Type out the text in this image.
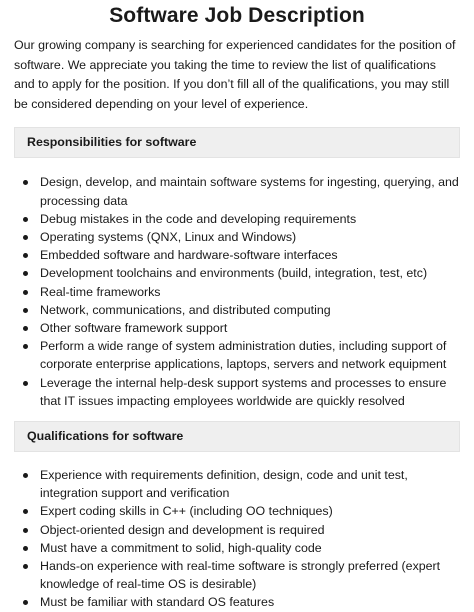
Software Job Description

Our growing company is searching for experienced candidates for the position of software. We appreciate you taking the time to review the list of qualifications and to apply for the position. If you don’t fill all of the qualifications, you may still be considered depending on your level of experience.

Responsibilities for software
Design, develop, and maintain software systems for ingesting, querying, and processing data
Debug mistakes in the code and developing requirements
Operating systems (QNX, Linux and Windows)
Embedded software and hardware-software interfaces
Development toolchains and environments (build, integration, test, etc)
Real-time frameworks
Network, communications, and distributed computing
Other software framework support
Perform a wide range of system administration duties, including support of corporate enterprise applications, laptops, servers and network equipment
Leverage the internal help-desk support systems and processes to ensure that IT issues impacting employees worldwide are quickly resolved
Qualifications for software
Experience with requirements definition, design, code and unit test, integration support and verification
Expert coding skills in C++ (including OO techniques)
Object-oriented design and development is required
Must have a commitment to solid, high-quality code
Hands-on experience with real-time software is strongly preferred (expert knowledge of real-time OS is desirable)
Must be familiar with standard OS features
